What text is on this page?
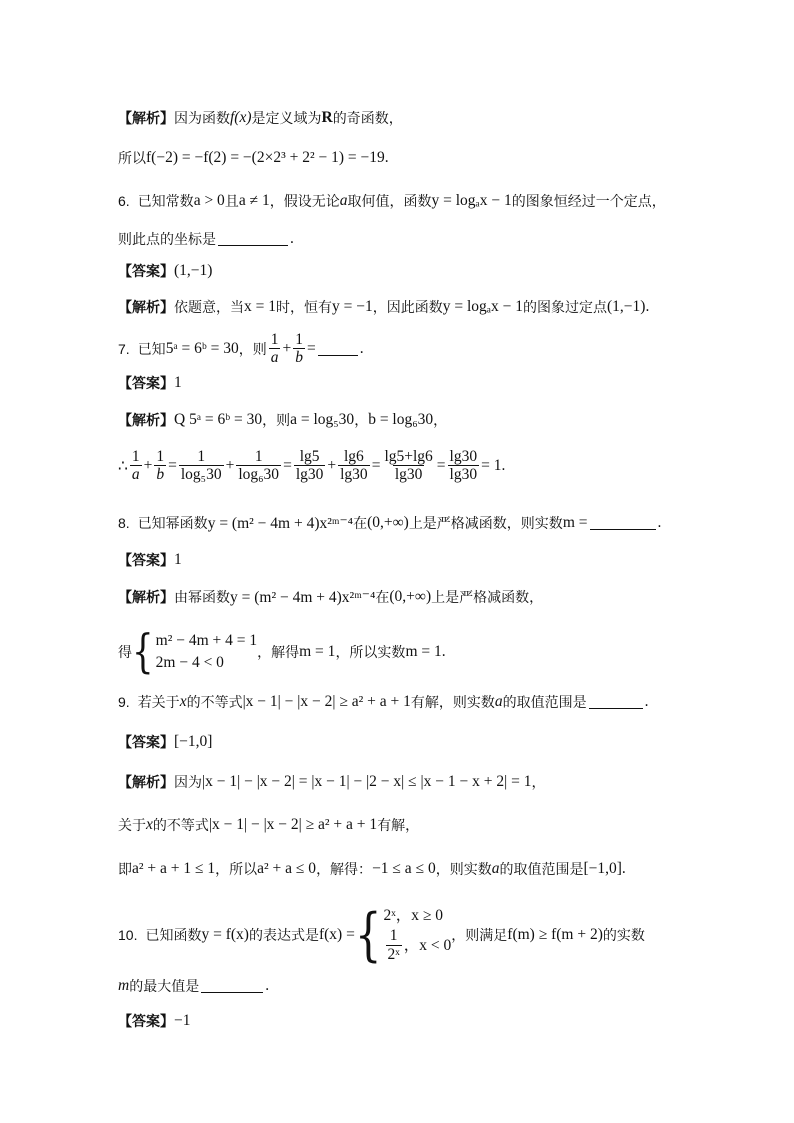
【解析】 因为函数 f(x) 是定义域为 R 的奇函数，
所以 f(−2) = −f(2) = −(2×2³ + 2² − 1) = −19 .
6. 已知常数 a > 0 且 a ≠ 1 ，假设无论 a 取何值，函数 y = logₐx − 1 的图象恒经过一个定点，
则此点的坐标是	.
【答案】 (1,−1)
【解析】 依题意，当 x = 1 时，恒有 y = −1 ，因此函数 y = logₐx − 1 的图象过定点 (1,−1) .
7. 已知 5ᵃ = 6ᵇ = 30 ，则 $\frac{1}{a} + \frac{1}{b}$ =	.
【答案】 1
【解析】 Q 5ᵃ = 6ᵇ = 30 ，则 a = log₅30 ， b = log₆30 ，
∴ $\frac{1}{a} + \frac{1}{b} = \frac{1}{\text{log₅30}} + \frac{1}{\text{log₆30}} = \frac{\lg 5}{\lg 30} + \frac{\lg 6}{\lg 30} = \frac{\lg 5+\lg 6}{\lg 30} = \frac{\lg 30}{\lg 30} = 1$ .
8. 已知幂函数 y = (m² − 4m + 4)x²ᵐ⁻⁴ 在 (0,+∞) 上是严格减函数，则实数 m =	.
【答案】 1
【解析】 由幂函数 y = (m² − 4m + 4)x²ᵐ⁻⁴ 在 (0,+∞) 上是严格减函数，
得 { m² − 4m + 4 = 1
2m − 4 < 0
，解得 m = 1 ，所以实数 m = 1 .
9. 若关于 x 的不等式 |x − 1| − |x − 2| ≥ a² + a + 1 有解，则实数 a 的取值范围是	.
【答案】 [−1,0]
【解析】 因为 |x − 1| − |x − 2| = |x − 1| − |2 − x| ≤ |x − 1 − x + 2| = 1 ，
关于 x 的不等式 |x − 1| − |x − 2| ≥ a² + a + 1 有解，
即 a² + a + 1 ≤ 1 ，所以 a² + a ≤ 0 ，解得： −1 ≤ a ≤ 0 ，则实数 a 的取值范围是 [−1,0] .
10. 已知函数 y = f(x) 的表达式是 f(x) = { 2ˣ，x ≥ 0
$\frac{1}{\text{2ˣ}}$ ，x < 0
，则满足 f(m) ≥ f(m + 2) 的实数
m 的最大值是	.
【答案】 −1
